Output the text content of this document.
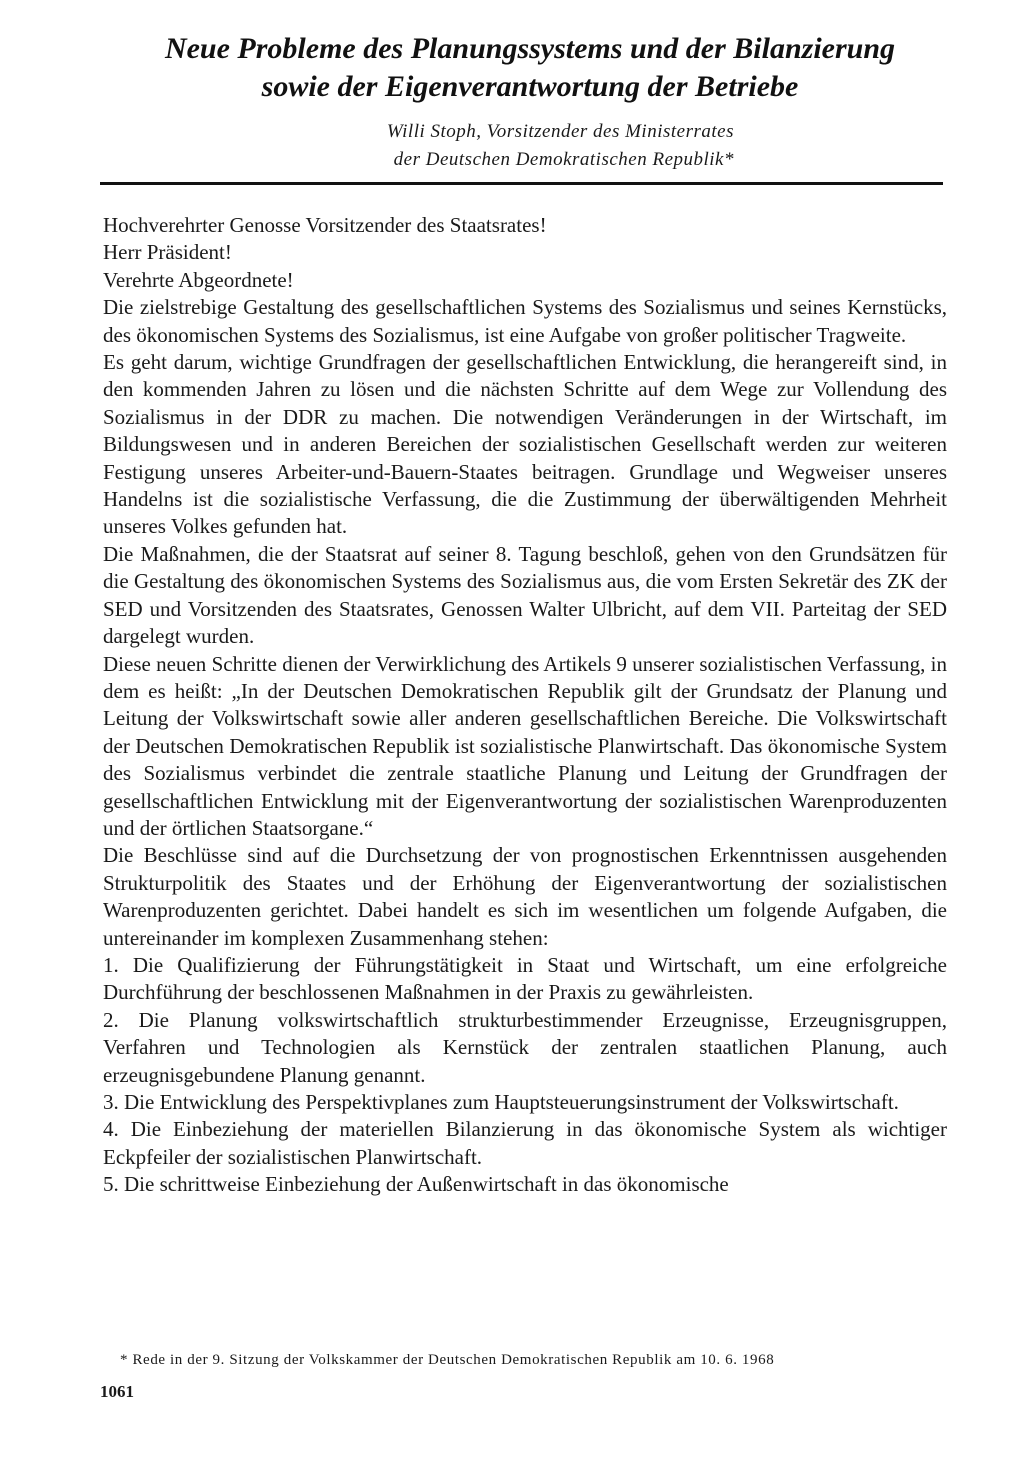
Neue Probleme des Planungssystems und der Bilanzierung
sowie der Eigenverantwortung der Betriebe
Willi Stoph, Vorsitzender des Ministerrates
der Deutschen Demokratischen Republik*

Hochverehrter Genosse Vorsitzender des Staatsrates!

Herr Präsident!

Verehrte Abgeordnete!

Die zielstrebige Gestaltung des gesellschaftlichen Systems des Sozialismus und seines Kernstücks, des ökonomischen Systems des Sozialismus, ist eine Aufgabe von großer politischer Tragweite.

Es geht darum, wichtige Grundfragen der gesellschaftlichen Entwicklung, die herangereift sind, in den kommenden Jahren zu lösen und die nächsten Schritte auf dem Wege zur Vollendung des Sozialismus in der DDR zu machen. Die notwendigen Veränderungen in der Wirtschaft, im Bildungswesen und in anderen Bereichen der sozialistischen Gesellschaft werden zur weiteren Festigung unseres Arbeiter-und-Bauern-Staates beitragen. Grundlage und Wegweiser unseres Handelns ist die sozialistische Verfassung, die die Zustimmung der überwältigenden Mehrheit unseres Volkes gefunden hat.

Die Maßnahmen, die der Staatsrat auf seiner 8. Tagung beschloß, gehen von den Grundsätzen für die Gestaltung des ökonomischen Systems des Sozialismus aus, die vom Ersten Sekretär des ZK der SED und Vorsitzenden des Staatsrates, Genossen Walter Ulbricht, auf dem VII. Parteitag der SED dargelegt wurden.

Diese neuen Schritte dienen der Verwirklichung des Artikels 9 unserer sozialistischen Verfassung, in dem es heißt: „In der Deutschen Demokratischen Republik gilt der Grundsatz der Planung und Leitung der Volkswirtschaft sowie aller anderen gesellschaftlichen Bereiche. Die Volkswirtschaft der Deutschen Demokratischen Republik ist sozialistische Planwirtschaft. Das ökonomische System des Sozialismus verbindet die zentrale staatliche Planung und Leitung der Grundfragen der gesellschaftlichen Entwicklung mit der Eigenverantwortung der sozialistischen Warenproduzenten und der örtlichen Staatsorgane.“

Die Beschlüsse sind auf die Durchsetzung der von prognostischen Erkenntnissen ausgehenden Strukturpolitik des Staates und der Erhöhung der Eigenverantwortung der sozialistischen Warenproduzenten gerichtet. Dabei handelt es sich im wesentlichen um folgende Aufgaben, die untereinander im komplexen Zusammenhang stehen:

1. Die Qualifizierung der Führungstätigkeit in Staat und Wirtschaft, um eine erfolgreiche Durchführung der beschlossenen Maßnahmen in der Praxis zu gewährleisten.

2. Die Planung volkswirtschaftlich strukturbestimmender Erzeugnisse, Erzeugnisgruppen, Verfahren und Technologien als Kernstück der zentralen staatlichen Planung, auch erzeugnisgebundene Planung genannt.

3. Die Entwicklung des Perspektivplanes zum Hauptsteuerungsinstrument der Volkswirtschaft.

4. Die Einbeziehung der materiellen Bilanzierung in das ökonomische System als wichtiger Eckpfeiler der sozialistischen Planwirtschaft.

5. Die schrittweise Einbeziehung der Außenwirtschaft in das ökonomische

* Rede in der 9. Sitzung der Volkskammer der Deutschen Demokratischen Republik am 10. 6. 1968
1061
